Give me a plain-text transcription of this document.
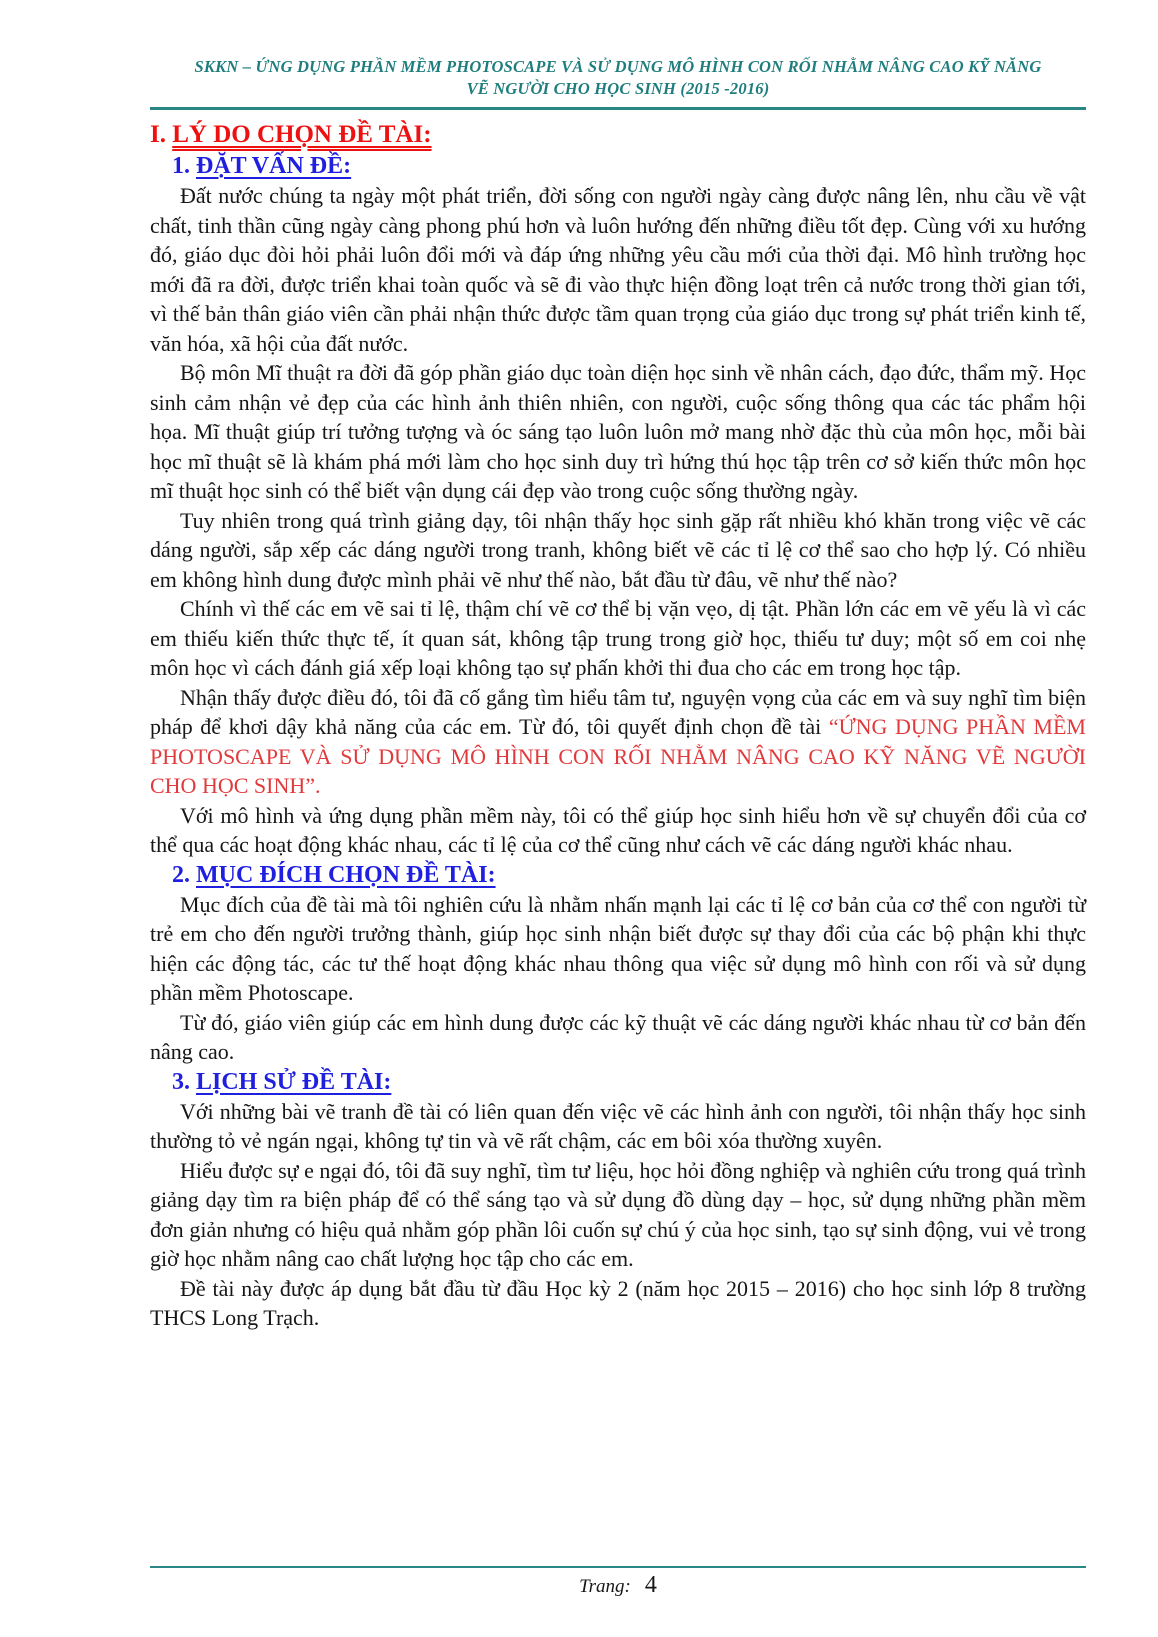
SKKN – ỨNG DỤNG PHẦN MỀM PHOTOSCAPE VÀ SỬ DỤNG MÔ HÌNH CON RỐI NHẰM NÂNG CAO KỸ NĂNG
VẼ NGƯỜI CHO HỌC SINH (2015 -2016)
I. LÝ DO CHỌN ĐỀ TÀI:
1. ĐẶT VẤN ĐỀ:

Đất nước chúng ta ngày một phát triển, đời sống con người ngày càng được nâng lên, nhu cầu về vật chất, tinh thần cũng ngày càng phong phú hơn và luôn hướng đến những điều tốt đẹp. Cùng với xu hướng đó, giáo dục đòi hỏi phải luôn đổi mới và đáp ứng những yêu cầu mới của thời đại. Mô hình trường học mới đã ra đời, được triển khai toàn quốc và sẽ đi vào thực hiện đồng loạt trên cả nước trong thời gian tới, vì thế bản thân giáo viên cần phải nhận thức được tầm quan trọng của giáo dục trong sự phát triển kinh tế, văn hóa, xã hội của đất nước.

Bộ môn Mĩ thuật ra đời đã góp phần giáo dục toàn diện học sinh về nhân cách, đạo đức, thẩm mỹ. Học sinh cảm nhận vẻ đẹp của các hình ảnh thiên nhiên, con người, cuộc sống thông qua các tác phẩm hội họa. Mĩ thuật giúp trí tưởng tượng và óc sáng tạo luôn luôn mở mang nhờ đặc thù của môn học, mỗi bài học mĩ thuật sẽ là khám phá mới làm cho học sinh duy trì hứng thú học tập trên cơ sở kiến thức môn học mĩ thuật học sinh có thể biết vận dụng cái đẹp vào trong cuộc sống thường ngày.

Tuy nhiên trong quá trình giảng dạy, tôi nhận thấy học sinh gặp rất nhiều khó khăn trong việc vẽ các dáng người, sắp xếp các dáng người trong tranh, không biết vẽ các tỉ lệ cơ thể sao cho hợp lý. Có nhiều em không hình dung được mình phải vẽ như thế nào, bắt đầu từ đâu, vẽ như thế nào?

Chính vì thế các em vẽ sai tỉ lệ, thậm chí vẽ cơ thể bị vặn vẹo, dị tật. Phần lớn các em vẽ yếu là vì các em thiếu kiến thức thực tế, ít quan sát, không tập trung trong giờ học, thiếu tư duy; một số em coi nhẹ môn học vì cách đánh giá xếp loại không tạo sự phấn khởi thi đua cho các em trong học tập.

Nhận thấy được điều đó, tôi đã cố gắng tìm hiểu tâm tư, nguyện vọng của các em và suy nghĩ tìm biện pháp để khơi dậy khả năng của các em. Từ đó, tôi quyết định chọn đề tài “ỨNG DỤNG PHẦN MỀM PHOTOSCAPE VÀ SỬ DỤNG MÔ HÌNH CON RỐI NHẰM NÂNG CAO KỸ NĂNG VẼ NGƯỜI CHO HỌC SINH”.

Với mô hình và ứng dụng phần mềm này, tôi có thể giúp học sinh hiểu hơn về sự chuyển đổi của cơ thể qua các hoạt động khác nhau, các tỉ lệ của cơ thể cũng như cách vẽ các dáng người khác nhau.

2. MỤC ĐÍCH CHỌN ĐỀ TÀI:

Mục đích của đề tài mà tôi nghiên cứu là nhằm nhấn mạnh lại các tỉ lệ cơ bản của cơ thể con người từ trẻ em cho đến người trưởng thành, giúp học sinh nhận biết được sự thay đổi của các bộ phận khi thực hiện các động tác, các tư thế hoạt động khác nhau thông qua việc sử dụng mô hình con rối và sử dụng phần mềm Photoscape.

Từ đó, giáo viên giúp các em hình dung được các kỹ thuật vẽ các dáng người khác nhau từ cơ bản đến nâng cao.

3. LỊCH SỬ ĐỀ TÀI:

Với những bài vẽ tranh đề tài có liên quan đến việc vẽ các hình ảnh con người, tôi nhận thấy học sinh thường tỏ vẻ ngán ngại, không tự tin và vẽ rất chậm, các em bôi xóa thường xuyên.

Hiểu được sự e ngại đó, tôi đã suy nghĩ, tìm tư liệu, học hỏi đồng nghiệp và nghiên cứu trong quá trình giảng dạy tìm ra biện pháp để có thể sáng tạo và sử dụng đồ dùng dạy – học, sử dụng những phần mềm đơn giản nhưng có hiệu quả nhằm góp phần lôi cuốn sự chú ý của học sinh, tạo sự sinh động, vui vẻ trong giờ học nhằm nâng cao chất lượng học tập cho các em.

Đề tài này được áp dụng bắt đầu từ đầu Học kỳ 2 (năm học 2015 – 2016) cho học sinh lớp 8 trường THCS Long Trạch.

Trang: 4
